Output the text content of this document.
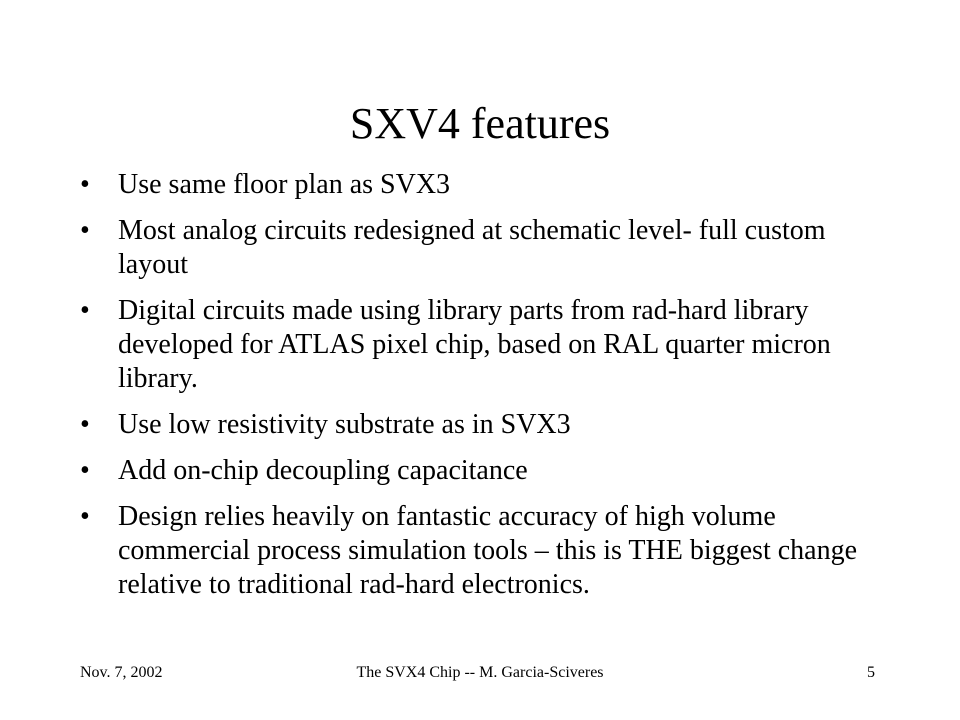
SXV4 features
•	Use same floor plan as SVX3
•	Most analog circuits redesigned at schematic level- full custom layout
•	Digital circuits made using library parts from rad-hard library developed for ATLAS pixel chip, based on RAL quarter micron library.
•	Use low resistivity substrate as in SVX3
•	Add on-chip decoupling capacitance
•	Design relies heavily on fantastic accuracy of high volume commercial process simulation tools – this is THE biggest change relative to traditional rad-hard electronics.
Nov. 7, 2002	The SVX4 Chip -- M. Garcia-Sciveres	5
